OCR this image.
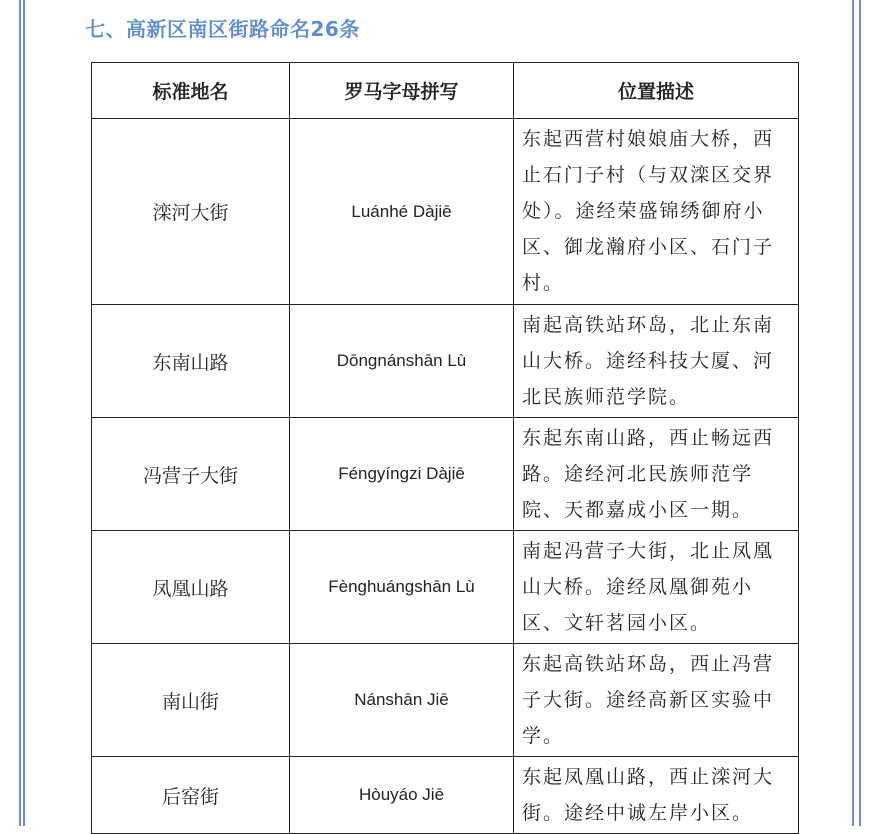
七、高新区南区街路命名26条
标准地名	罗马字母拼写	位置描述
滦河大街	Luánhé Dàjiē	东起西营村娘娘庙大桥，西止石门子村（与双滦区交界处）。途经荣盛锦绣御府小区、御龙瀚府小区、石门子村。
东南山路	Dōngnánshān Lù	南起高铁站环岛，北止东南山大桥。途经科技大厦、河北民族师范学院。
冯营子大街	Féngyíngzi Dàjiē	东起东南山路，西止畅远西路。途经河北民族师范学院、天都嘉成小区一期。
凤凰山路	Fènghuángshān Lù	南起冯营子大街，北止凤凰山大桥。途经凤凰御苑小区、文轩茗园小区。
南山街	Nánshān Jiē	东起高铁站环岛，西止冯营子大街。途经高新区实验中学。
后窑街	Hòuyáo Jiē	东起凤凰山路，西止滦河大街。途经中诚左岸小区。
